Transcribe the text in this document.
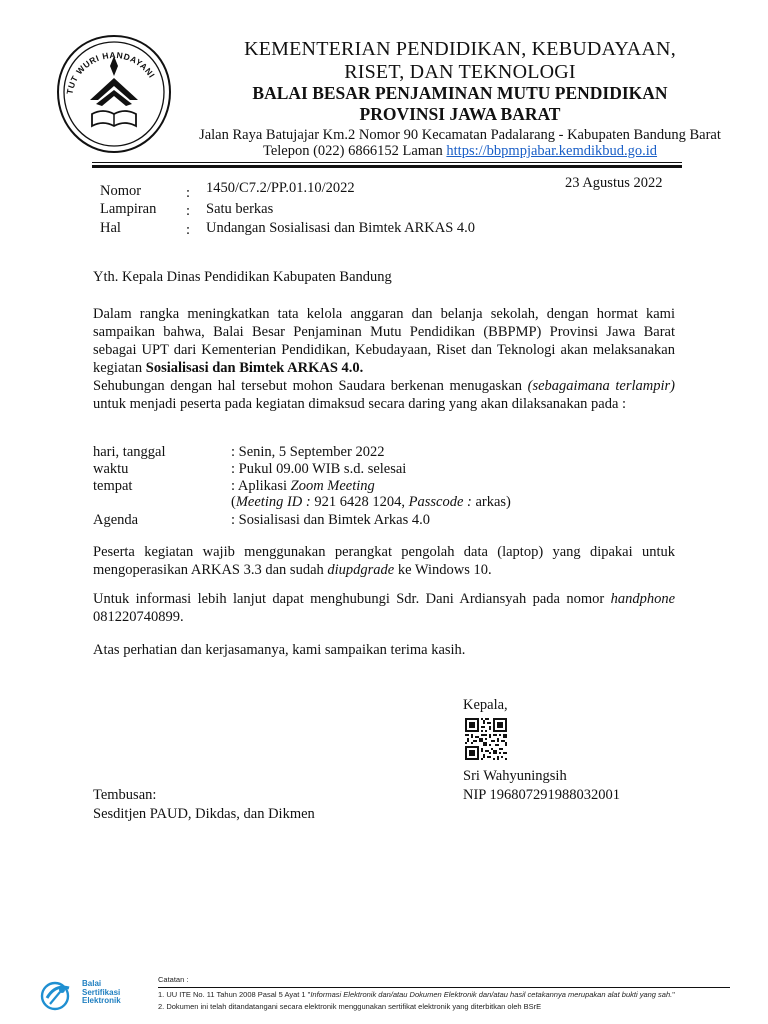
TUT WURI HANDAYANI
KEMENTERIAN PENDIDIKAN, KEBUDAYAAN,
RISET, DAN TEKNOLOGI
BALAI BESAR PENJAMINAN MUTU PENDIDIKAN
PROVINSI JAWA BARAT
Jalan Raya Batujajar Km.2 Nomor 90 Kecamatan Padalarang - Kabupaten Bandung Barat
Telepon (022) 6866152 Laman https://bbpmpjabar.kemdikbud.go.id
23 Agustus 2022
Nomor	: 1450/C7.2/PP.01.10/2022
Lampiran : Satu berkas
Hal	: Undangan Sosialisasi dan Bimtek ARKAS 4.0
Yth. Kepala Dinas Pendidikan Kabupaten Bandung
Dalam rangka meningkatkan tata kelola anggaran dan belanja sekolah, dengan hormat kami sampaikan bahwa, Balai Besar Penjaminan Mutu Pendidikan (BBPMP) Provinsi Jawa Barat sebagai UPT dari Kementerian Pendidikan, Kebudayaan, Riset dan Teknologi akan melaksanakan kegiatan Sosialisasi dan Bimtek ARKAS 4.0.
Sehubungan dengan hal tersebut mohon Saudara berkenan menugaskan (sebagaimana terlampir) untuk menjadi peserta pada kegiatan dimaksud secara daring yang akan dilaksanakan pada :
hari, tanggal	: Senin, 5 September 2022
waktu	: Pukul 09.00 WIB s.d. selesai
tempat	: Aplikasi Zoom Meeting
(Meeting ID : 921 6428 1204, Passcode : arkas)
Agenda	: Sosialisasi dan Bimtek Arkas 4.0
Peserta kegiatan wajib menggunakan perangkat pengolah data (laptop) yang dipakai untuk mengoperasikan ARKAS 3.3 dan sudah diupdgrade ke Windows 10.
Untuk informasi lebih lanjut dapat menghubungi Sdr. Dani Ardiansyah pada nomor handphone 081220740899.
Atas perhatian dan kerjasamanya, kami sampaikan terima kasih.
Kepala,
Sri Wahyuningsih
NIP 196807291988032001
Tembusan:
Sesditjen PAUD, Dikdas, dan Dikmen
Balai
Sertifikasi
Elektronik
Catatan :
1. UU ITE No. 11 Tahun 2008 Pasal 5 Ayat 1 "Informasi Elektronik dan/atau Dokumen Elektronik dan/atau hasil cetakannya merupakan alat bukti yang sah."
2. Dokumen ini telah ditandatangani secara elektronik menggunakan sertifikat elektronik yang diterbitkan oleh BSrE
